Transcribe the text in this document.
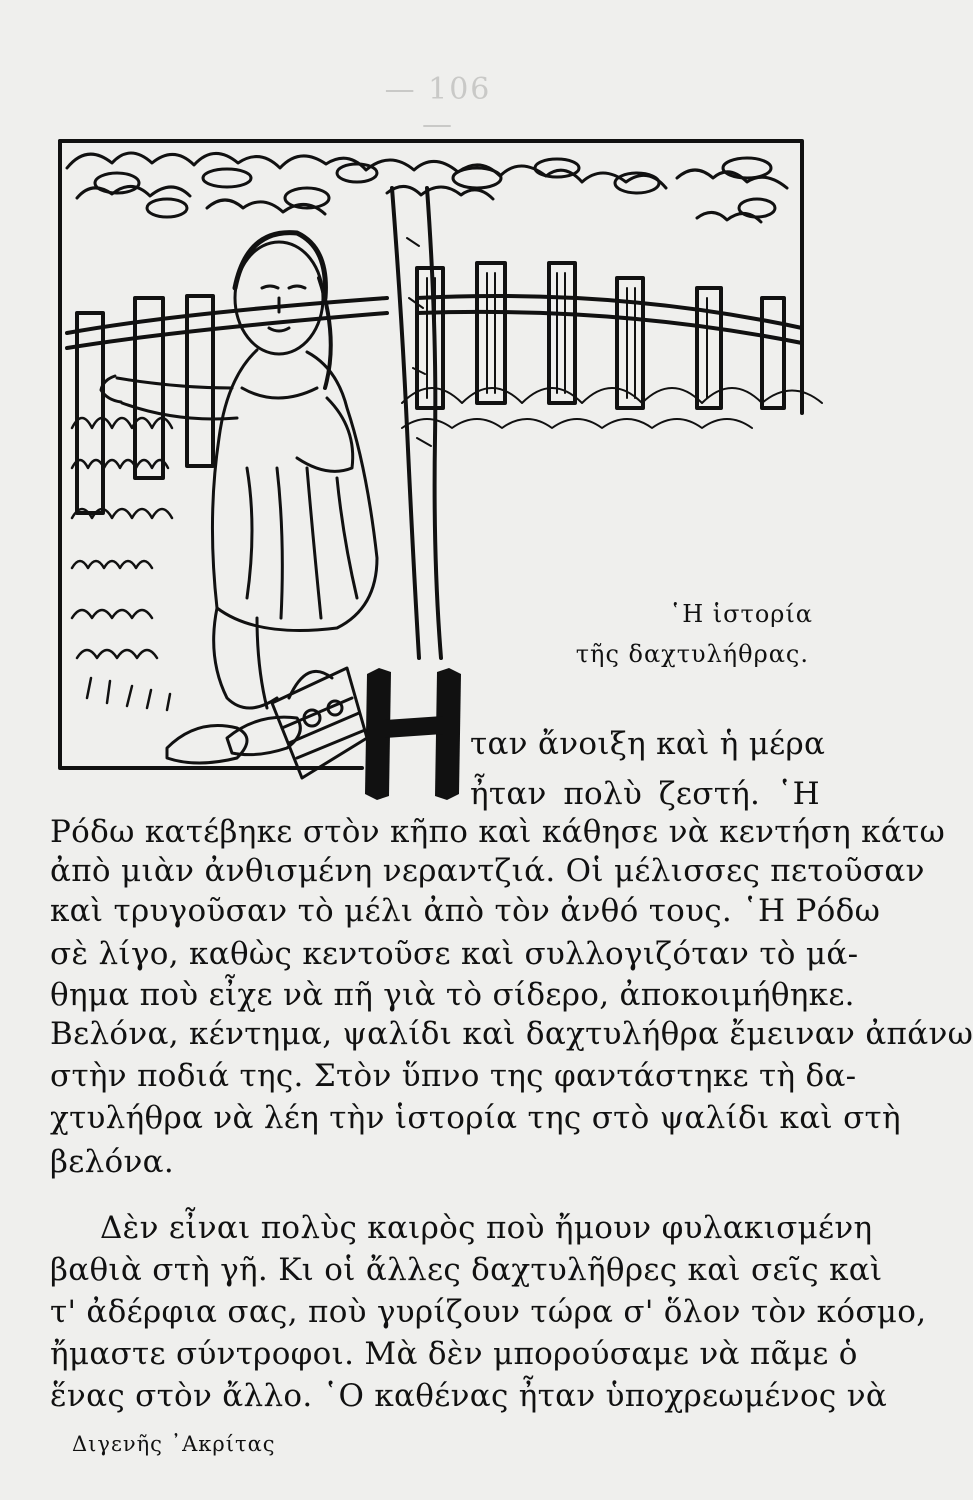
— 106 —
῾Η ἱστορία
τῆς δαχτυλήθρας.
ταν ἄνοιξη καὶ ἡ μέρα
ἦταν πολὺ ζεστή. ῾Η
Ρόδω κατέβηκε στὸν κῆπο καὶ κάθησε νὰ κεντήση κάτω
ἀπὸ μιὰν ἀνθισμένη νεραντζιά. Οἱ μέλισσες πετοῦσαν
καὶ τρυγοῦσαν τὸ μέλι ἀπὸ τὸν ἀνθό τους. ῾Η Ρόδω
σὲ λίγο, καθὼς κεντοῦσε καὶ συλλογιζόταν τὸ μά-
θημα ποὺ εἶχε νὰ πῆ γιὰ τὸ σίδερο, ἀποκοιμήθηκε.
Βελόνα, κέντημα, ψαλίδι καὶ δαχτυλήθρα ἔμειναν ἀπάνω
στὴν ποδιά της. Στὸν ὕπνο της φαντάστηκε τὴ δα-
χτυλήθρα νὰ λέη τὴν ἱστορία της στὸ ψαλίδι καὶ στὴ
βελόνα.
Δὲν εἶναι πολὺς καιρὸς ποὺ ἤμουν φυλακισμένη
βαθιὰ στὴ γῆ. Κι οἱ ἄλλες δαχτυλῆθρες καὶ σεῖς καὶ
τ' ἀδέρφια σας, ποὺ γυρίζουν τώρα σ' ὅλον τὸν κόσμο,
ἤμαστε σύντροφοι. Μὰ δὲν μπορούσαμε νὰ πᾶμε ὁ
ἕνας στὸν ἄλλο. ῾Ο καθένας ἦταν ὑποχρεωμένος νὰ
Διγενῆς ᾿Ακρίτας
